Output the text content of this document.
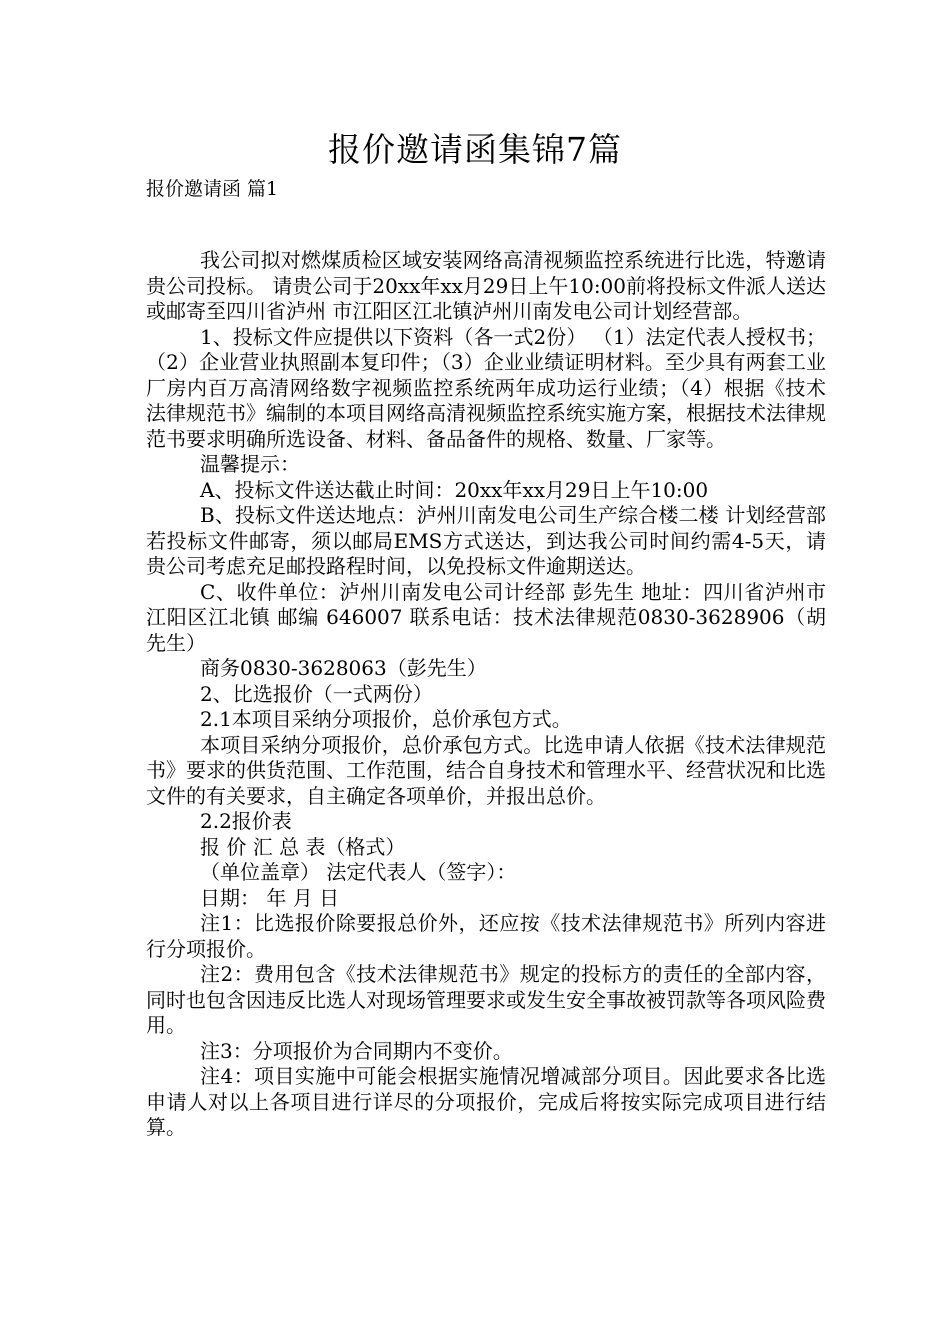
报价邀请函集锦7篇
报价邀请函 篇1

我公司拟对燃煤质检区域安装网络高清视频监控系统进行比选，特邀请贵公司投标。 请贵公司于20xx年xx月29日上午10:00前将投标文件派人送达或邮寄至四川省泸州 市江阳区江北镇泸州川南发电公司计划经营部。

1、投标文件应提供以下资料（各一式2份） （1）法定代表人授权书； （2）企业营业执照副本复印件；（3）企业业绩证明材料。至少具有两套工业厂房内百万高清网络数字视频监控系统两年成功运行业绩；（4）根据《技术法律规范书》编制的本项目网络高清视频监控系统实施方案，根据技术法律规范书要求明确所选设备、材料、备品备件的规格、数量、厂家等。

温馨提示：

A、投标文件送达截止时间：20xx年xx月29日上午10:00

B、投标文件送达地点：泸州川南发电公司生产综合楼二楼 计划经营部 若投标文件邮寄，须以邮局EMS方式送达，到达我公司时间约需4-5天，请贵公司考虑充足邮投路程时间，以免投标文件逾期送达。

C、收件单位：泸州川南发电公司计经部 彭先生 地址：四川省泸州市江阳区江北镇 邮编 646007 联系电话：技术法律规范0830-3628906（胡先生）

商务0830-3628063（彭先生）

2、比选报价（一式两份）

2.1本项目采纳分项报价，总价承包方式。

本项目采纳分项报价，总价承包方式。比选申请人依据《技术法律规范书》要求的供货范围、工作范围，结合自身技术和管理水平、经营状况和比选文件的有关要求，自主确定各项单价，并报出总价。

2.2报价表

报 价 汇 总 表（格式）

（单位盖章） 法定代表人（签字）：

日期： 年 月 日

注1：比选报价除要报总价外，还应按《技术法律规范书》所列内容进行分项报价。

注2：费用包含《技术法律规范书》规定的投标方的责任的全部内容，同时也包含因违反比选人对现场管理要求或发生安全事故被罚款等各项风险费用。

注3：分项报价为合同期内不变价。

注4：项目实施中可能会根据实施情况增减部分项目。因此要求各比选申请人对以上各项目进行详尽的分项报价，完成后将按实际完成项目进行结算。
